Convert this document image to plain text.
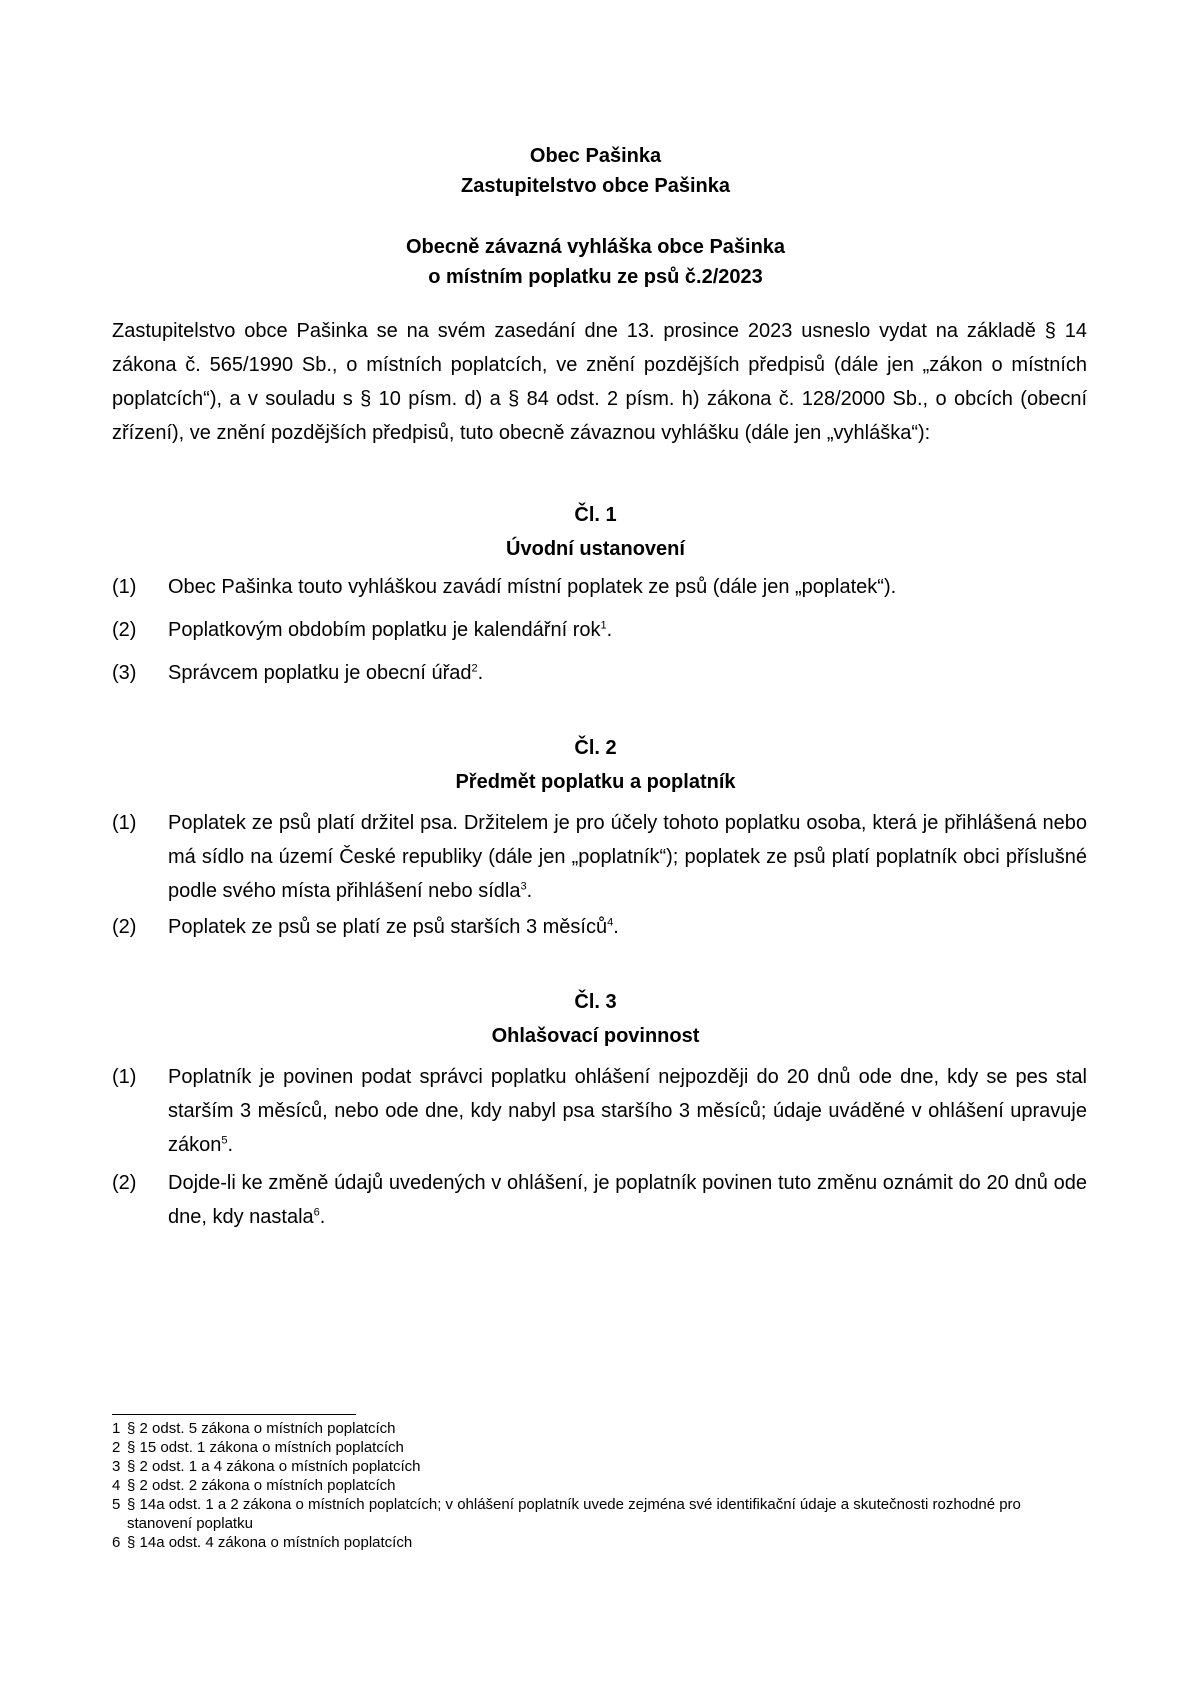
Obec Pašinka
Zastupitelstvo obce Pašinka
Obecně závazná vyhláška obce Pašinka
o místním poplatku ze psů č.2/2023
Zastupitelstvo obce Pašinka se na svém zasedání dne 13. prosince 2023 usneslo vydat na základě § 14 zákona č. 565/1990 Sb., o místních poplatcích, ve znění pozdějších předpisů (dále jen „zákon o místních poplatcích“), a v souladu s § 10 písm. d) a § 84 odst. 2 písm. h) zákona č. 128/2000 Sb., o obcích (obecní zřízení), ve znění pozdějších předpisů, tuto obecně závaznou vyhlášku (dále jen „vyhláška“):
Čl. 1
Úvodní ustanovení
(1)	Obec Pašinka touto vyhláškou zavádí místní poplatek ze psů (dále jen „poplatek“).
(2)	Poplatkovým obdobím poplatku je kalendářní rok$^1$.
(3)	Správcem poplatku je obecní úřad$^2$.
Čl. 2
Předmět poplatku a poplatník
(1)	Poplatek ze psů platí držitel psa. Držitelem je pro účely tohoto poplatku osoba, která je přihlášená nebo má sídlo na území České republiky (dále jen „poplatník“); poplatek ze psů platí poplatník obci příslušné podle svého místa přihlášení nebo sídla$^3$.
(2)	Poplatek ze psů se platí ze psů starších 3 měsíců$^4$.
Čl. 3
Ohlašovací povinnost
(1)	Poplatník je povinen podat správci poplatku ohlášení nejpozději do 20 dnů ode dne, kdy se pes stal starším 3 měsíců, nebo ode dne, kdy nabyl psa staršího 3 měsíců; údaje uváděné v ohlášení upravuje zákon$^5$.
(2)	Dojde-li ke změně údajů uvedených v ohlášení, je poplatník povinen tuto změnu oznámit do 20 dnů ode dne, kdy nastala$^6$.
1 § 2 odst. 5 zákona o místních poplatcích
2 § 15 odst. 1 zákona o místních poplatcích
3 § 2 odst. 1 a 4 zákona o místních poplatcích
4 § 2 odst. 2 zákona o místních poplatcích
5 § 14a odst. 1 a 2 zákona o místních poplatcích; v ohlášení poplatník uvede zejména své identifikační údaje a skutečnosti rozhodné pro stanovení poplatku
6 § 14a odst. 4 zákona o místních poplatcích
